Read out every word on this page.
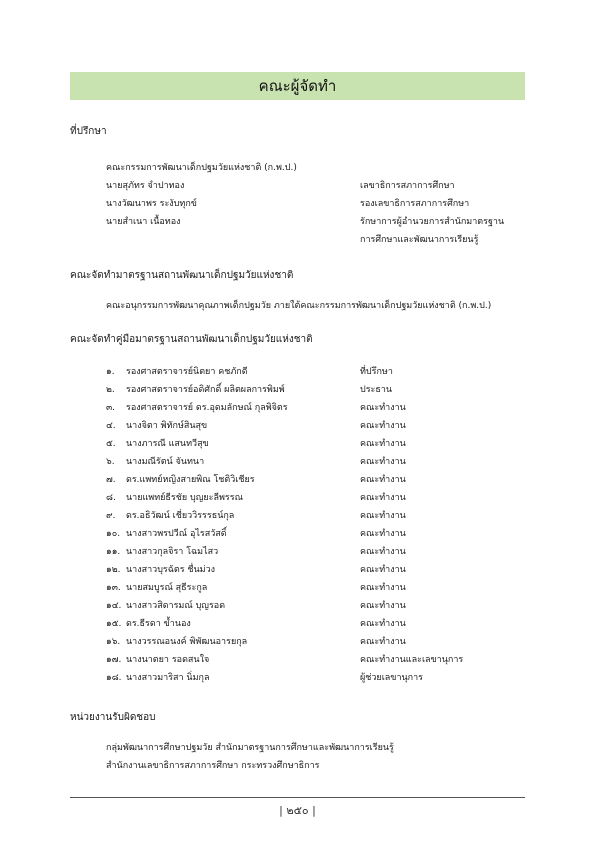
คณะผู้จัดทำ
ที่ปรึกษา
คณะกรรมการพัฒนาเด็กปฐมวัยแห่งชาติ (ก.พ.ป.)
นายสุภัทร จำปาทอง	เลขาธิการสภาการศึกษา
นางวัฒนาพร ระงับทุกข์	รองเลขาธิการสภาการศึกษา
นายสำเนา เนื้อทอง	รักษาการผู้อำนวยการสำนักมาตรฐาน
การศึกษาและพัฒนาการเรียนรู้
คณะจัดทำมาตรฐานสถานพัฒนาเด็กปฐมวัยแห่งชาติ
คณะอนุกรรมการพัฒนาคุณภาพเด็กปฐมวัย ภายใต้คณะกรรมการพัฒนาเด็กปฐมวัยแห่งชาติ (ก.พ.ป.)
คณะจัดทำคู่มือมาตรฐานสถานพัฒนาเด็กปฐมวัยแห่งชาติ
๑.	รองศาสตราจารย์นิตยา คชภักดี	ที่ปรึกษา
๒.	รองศาสตราจารย์อดิศักดิ์ ผลิตผลการพิมพ์	ประธาน
๓.	รองศาสตราจารย์ ดร.อุดมลักษณ์ กุลพิจิตร	คณะทำงาน
๔.	นางจิตา พิทักษ์สินสุข	คณะทำงาน
๕.	นางภารณี แสนทวีสุข	คณะทำงาน
๖.	นางมณีรัตน์ จันทนา	คณะทำงาน
๗.	ดร.แพทย์หญิงสายพิณ โชติวิเชียร	คณะทำงาน
๘.	นายแพทย์ธีรชัย บุญยะลีพรรณ	คณะทำงาน
๙.	ดร.อธิวัฒน์ เชี่ยววิรรรธน์กุล	คณะทำงาน
๑๐. นางสาวพรปวีณ์ อุไรสวัสดิ์	คณะทำงาน
๑๑. นางสาวกุลจิรา โฉมไสว	คณะทำงาน
๑๒. นางสาวบุรฉัตร ชื่นม่วง	คณะทำงาน
๑๓. นายสมบูรณ์ สุธีระกูล	คณะทำงาน
๑๔. นางสาวสิดารมณ์ บุญรอด	คณะทำงาน
๑๕. ดร.ธีรดา ข้ำนอง	คณะทำงาน
๑๖. นางวรรณอนงค์ พิพัฒนอารยกุล	คณะทำงาน
๑๗. นางนาตยา รอดสนใจ	คณะทำงานและเลขานุการ
๑๘. นางสาวมาริสา นิ่มกุล	ผู้ช่วยเลขานุการ
หน่วยงานรับผิดชอบ
กลุ่มพัฒนาการศึกษาปฐมวัย สำนักมาตรฐานการศึกษาและพัฒนาการเรียนรู้
สำนักงานเลขาธิการสภาการศึกษา กระทรวงศึกษาธิการ
| ๒๕๐ |
